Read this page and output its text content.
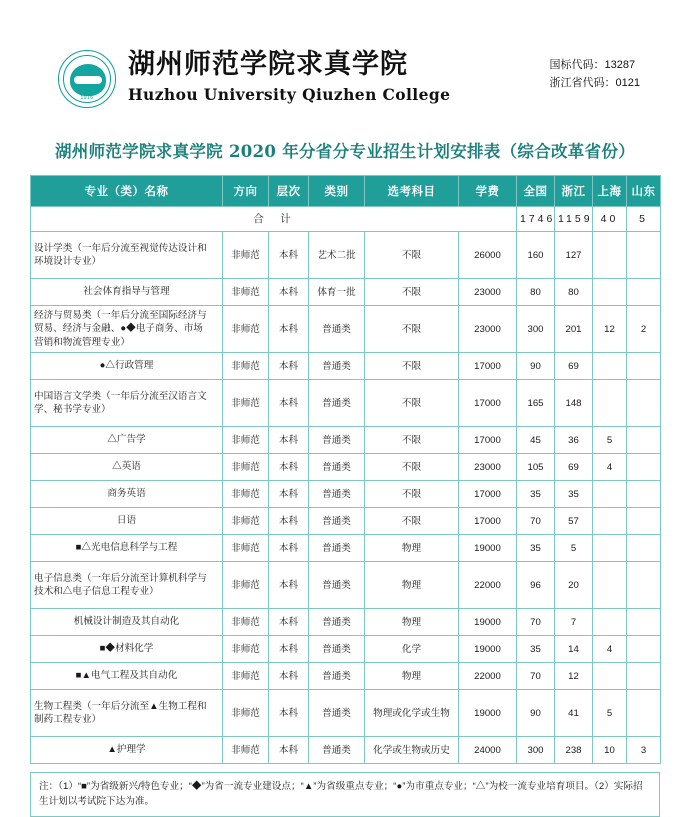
1916
湖州师范学院求真学院
Huzhou University Qiuzhen College
国标代码：13287
浙江省代码：0121
湖州师范学院求真学院 2020 年分省分专业招生计划安排表（综合改革省份）
专业（类）名称	方向	层次	类别	选考科目	学费	全国	浙江	上海	山东
合　计						1746	1159	40	5
设计学类（一年后分流至视觉传达设计和
环境设计专业）	非师范	本科	艺术二批	不限	26000	160	127		
社会体育指导与管理	非师范	本科	体育一批	不限	23000	80	80		
经济与贸易类（一年后分流至国际经济与
贸易、经济与金融、●◆电子商务、市场
营销和物流管理专业）	非师范	本科	普通类	不限	23000	300	201	12	2
●△行政管理	非师范	本科	普通类	不限	17000	90	69		
中国语言文学类（一年后分流至汉语言文
学、秘书学专业）	非师范	本科	普通类	不限	17000	165	148		
△广告学	非师范	本科	普通类	不限	17000	45	36	5	
△英语	非师范	本科	普通类	不限	23000	105	69	4	
商务英语	非师范	本科	普通类	不限	17000	35	35		
日语	非师范	本科	普通类	不限	17000	70	57		
■△光电信息科学与工程	非师范	本科	普通类	物理	19000	35	5		
电子信息类（一年后分流至计算机科学与
技术和△电子信息工程专业）	非师范	本科	普通类	物理	22000	96	20		
机械设计制造及其自动化	非师范	本科	普通类	物理	19000	70	7		
■◆材料化学	非师范	本科	普通类	化学	19000	35	14	4	
■▲电气工程及其自动化	非师范	本科	普通类	物理	22000	70	12		
生物工程类（一年后分流至▲生物工程和
制药工程专业）	非师范	本科	普通类	物理或化学或生物	19000	90	41	5	
▲护理学	非师范	本科	普通类	化学或生物或历史	24000	300	238	10	3
注：（1）“■”为省级新兴/特色专业；“◆”为省一流专业建设点；“▲”为省级重点专业；“●”为市重点专业；“△”为校一流专业培育项目。（2）实际招生计划以考试院下达为准。
